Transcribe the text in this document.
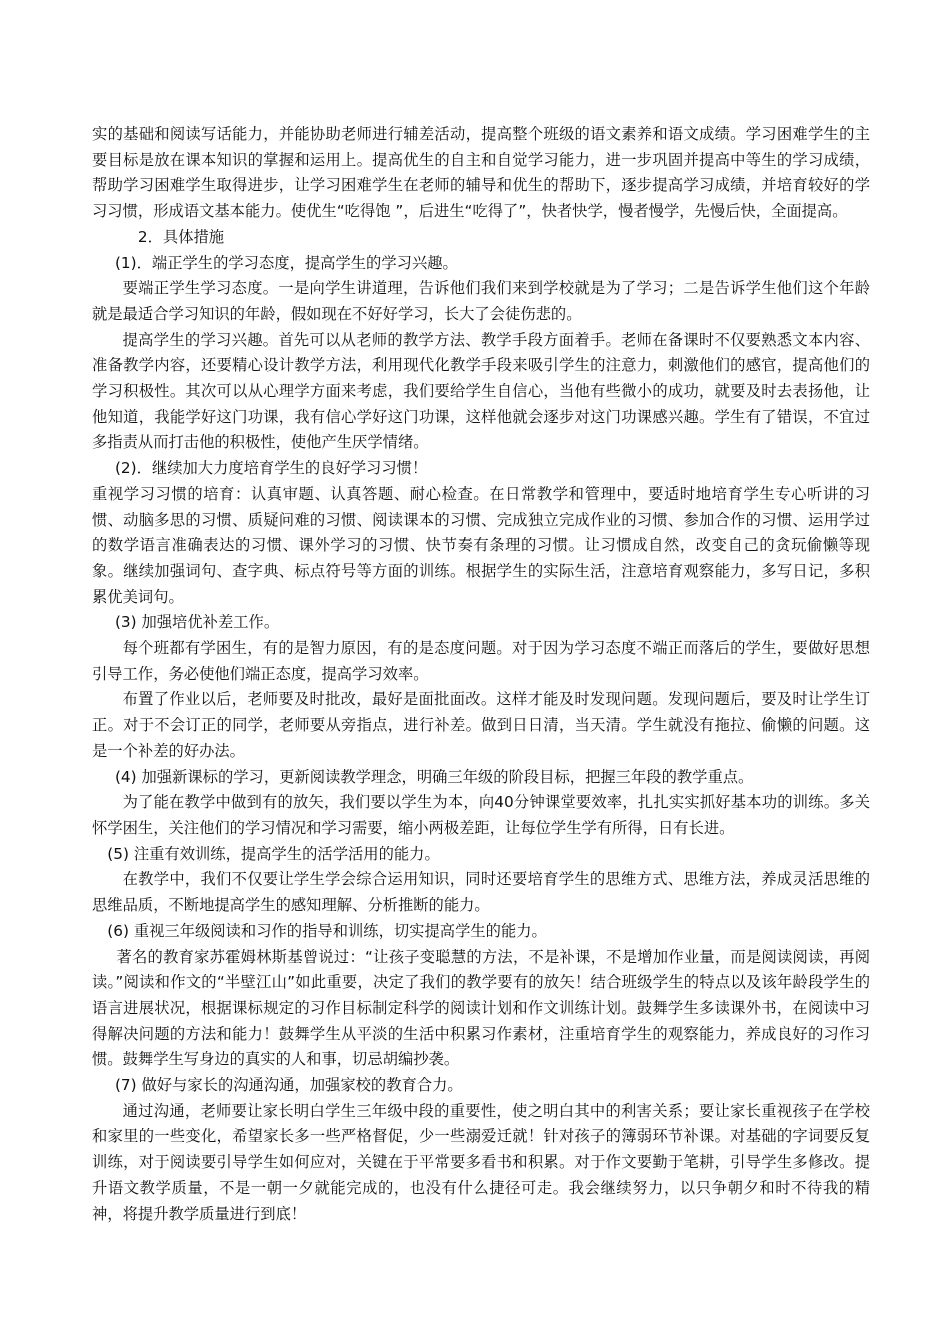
实的基础和阅读写话能力，并能协助老师进行辅差活动，提高整个班级的语文素养和语文成绩。学习困难学生的主要目标是放在课本知识的掌握和运用上。提高优生的自主和自觉学习能力，进一步巩固并提高中等生的学习成绩，帮助学习困难学生取得进步，让学习困难学生在老师的辅导和优生的帮助下，逐步提高学习成绩，并培育较好的学习习惯，形成语文基本能力。使优生“吃得饱 ”，后进生“吃得了”，快者快学，慢者慢学，先慢后快，全面提高。

2．具体措施

(1)．端正学生的学习态度，提高学生的学习兴趣。

要端正学生学习态度。一是向学生讲道理，告诉他们我们来到学校就是为了学习；二是告诉学生他们这个年龄就是最适合学习知识的年龄，假如现在不好好学习，长大了会徒伤悲的。

提高学生的学习兴趣。首先可以从老师的教学方法、教学手段方面着手。老师在备课时不仅要熟悉文本内容、准备教学内容，还要精心设计教学方法，利用现代化教学手段来吸引学生的注意力，刺激他们的感官，提高他们的学习积极性。其次可以从心理学方面来考虑，我们要给学生自信心，当他有些微小的成功，就要及时去表扬他，让他知道，我能学好这门功课，我有信心学好这门功课，这样他就会逐步对这门功课感兴趣。学生有了错误，不宜过多指责从而打击他的积极性，使他产生厌学情绪。

(2)．继续加大力度培育学生的良好学习习惯！

重视学习习惯的培育：认真审题、认真答题、耐心检查。在日常教学和管理中，要适时地培育学生专心听讲的习惯、动脑多思的习惯、质疑问难的习惯、阅读课本的习惯、完成独立完成作业的习惯、参加合作的习惯、运用学过的数学语言准确表达的习惯、课外学习的习惯、快节奏有条理的习惯。让习惯成自然，改变自己的贪玩偷懒等现象。继续加强词句、查字典、标点符号等方面的训练。根据学生的实际生活，注意培育观察能力，多写日记，多积累优美词句。

(3) 加强培优补差工作。

每个班都有学困生，有的是智力原因，有的是态度问题。对于因为学习态度不端正而落后的学生，要做好思想引导工作，务必使他们端正态度，提高学习效率。

布置了作业以后，老师要及时批改，最好是面批面改。这样才能及时发现问题。发现问题后，要及时让学生订正。对于不会订正的同学，老师要从旁指点，进行补差。做到日日清，当天清。学生就没有拖拉、偷懒的问题。这是一个补差的好办法。

(4) 加强新课标的学习，更新阅读教学理念，明确三年级的阶段目标，把握三年段的教学重点。

为了能在教学中做到有的放矢，我们要以学生为本，向40分钟课堂要效率，扎扎实实抓好基本功的训练。多关怀学困生，关注他们的学习情况和学习需要，缩小两极差距，让每位学生学有所得，日有长进。

(5) 注重有效训练，提高学生的活学活用的能力。

在教学中，我们不仅要让学生学会综合运用知识，同时还要培育学生的思维方式、思维方法，养成灵活思维的思维品质，不断地提高学生的感知理解、分析推断的能力。

(6) 重视三年级阅读和习作的指导和训练，切实提高学生的能力。

著名的教育家苏霍姆林斯基曾说过：“让孩子变聪慧的方法，不是补课，不是增加作业量，而是阅读阅读，再阅读。”阅读和作文的“半壁江山”如此重要，决定了我们的教学要有的放矢！结合班级学生的特点以及该年龄段学生的语言进展状况，根据课标规定的习作目标制定科学的阅读计划和作文训练计划。鼓舞学生多读课外书，在阅读中习得解决问题的方法和能力！鼓舞学生从平淡的生活中积累习作素材，注重培育学生的观察能力，养成良好的习作习惯。鼓舞学生写身边的真实的人和事，切忌胡编抄袭。

(7) 做好与家长的沟通沟通，加强家校的教育合力。

通过沟通，老师要让家长明白学生三年级中段的重要性，使之明白其中的利害关系；要让家长重视孩子在学校和家里的一些变化，希望家长多一些严格督促，少一些溺爱迁就！针对孩子的簿弱环节补课。对基础的字词要反复训练，对于阅读要引导学生如何应对，关键在于平常要多看书和积累。对于作文要勤于笔耕，引导学生多修改。提升语文教学质量，不是一朝一夕就能完成的，也没有什么捷径可走。我会继续努力，以只争朝夕和时不待我的精神，将提升教学质量进行到底！
